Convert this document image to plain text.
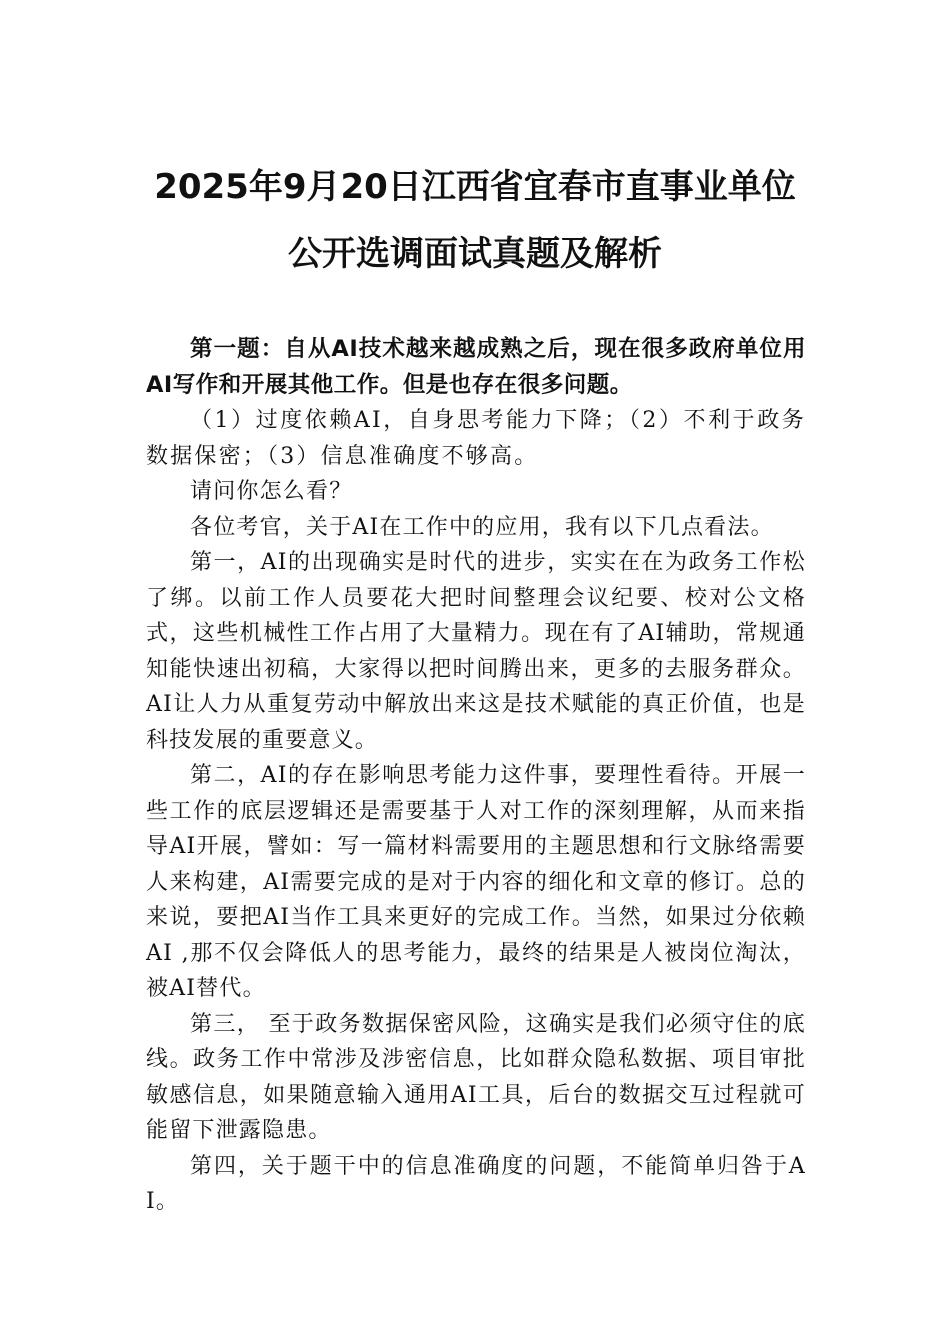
2025年9月20日江西省宜春市直事业单位
公开选调面试真题及解析

第一题：自从AI技术越来越成熟之后，现在很多政府单位用AI写作和开展其他工作。但是也存在很多问题。

（1）过度依赖AI，自身思考能力下降；（2）不利于政务数据保密；（3）信息准确度不够高。

请问你怎么看？

各位考官，关于AI在工作中的应用，我有以下几点看法。

第一，AI的出现确实是时代的进步，实实在在为政务工作松了绑。以前工作人员要花大把时间整理会议纪要、校对公文格式，这些机械性工作占用了大量精力。现在有了AI辅助，常规通知能快速出初稿，大家得以把时间腾出来，更多的去服务群众。AI让人力从重复劳动中解放出来这是技术赋能的真正价值，也是科技发展的重要意义。

第二，AI的存在影响思考能力这件事，要理性看待。开展一些工作的底层逻辑还是需要基于人对工作的深刻理解，从而来指导AI开展，譬如：写一篇材料需要用的主题思想和行文脉络需要人来构建，AI需要完成的是对于内容的细化和文章的修订。总的来说，要把AI当作工具来更好的完成工作。当然，如果过分依赖AI ,那不仅会降低人的思考能力，最终的结果是人被岗位淘汰，被AI替代。

第三， 至于政务数据保密风险，这确实是我们必须守住的底线。政务工作中常涉及涉密信息，比如群众隐私数据、项目审批敏感信息，如果随意输入通用AI工具，后台的数据交互过程就可能留下泄露隐患。

第四，关于题干中的信息准确度的问题，不能简单归咎于AI。
